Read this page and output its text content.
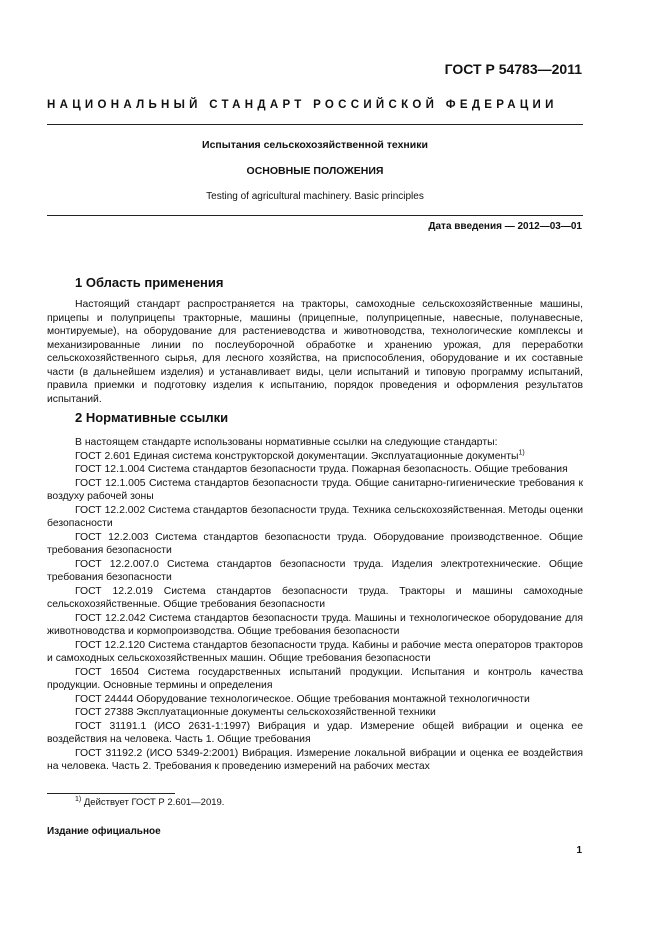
ГОСТ Р 54783—2011
НАЦИОНАЛЬНЫЙ СТАНДАРТ РОССИЙСКОЙ ФЕДЕРАЦИИ
Испытания сельскохозяйственной техники
ОСНОВНЫЕ ПОЛОЖЕНИЯ
Testing of agricultural machinery. Basic principles
Дата введения — 2012—03—01
1 Область применения

Настоящий стандарт распространяется на тракторы, самоходные сельскохозяйственные машины, прицепы и полуприцепы тракторные, машины (прицепные, полуприцепные, навесные, полунавесные, монтируемые), на оборудование для растениеводства и животноводства, технологические комплексы и механизированные линии по послеуборочной обработке и хранению урожая, для переработки сельскохозяйственного сырья, для лесного хозяйства, на приспособления, оборудование и их составные части (в дальнейшем изделия) и устанавливает виды, цели испытаний и типовую программу испытаний, правила приемки и подготовку изделия к испытанию, порядок проведения и оформления результатов испытаний.

2 Нормативные ссылки

В настоящем стандарте использованы нормативные ссылки на следующие стандарты:

ГОСТ 2.601 Единая система конструкторской документации. Эксплуатационные документы$^{1)}$

ГОСТ 12.1.004 Система стандартов безопасности труда. Пожарная безопасность. Общие требования

ГОСТ 12.1.005 Система стандартов безопасности труда. Общие санитарно-гигиенические требования к воздуху рабочей зоны

ГОСТ 12.2.002 Система стандартов безопасности труда. Техника сельскохозяйственная. Методы оценки безопасности

ГОСТ 12.2.003 Система стандартов безопасности труда. Оборудование производственное. Общие требования безопасности

ГОСТ 12.2.007.0 Система стандартов безопасности труда. Изделия электротехнические. Общие требования безопасности

ГОСТ 12.2.019 Система стандартов безопасности труда. Тракторы и машины самоходные сельскохозяйственные. Общие требования безопасности

ГОСТ 12.2.042 Система стандартов безопасности труда. Машины и технологическое оборудование для животноводства и кормопроизводства. Общие требования безопасности

ГОСТ 12.2.120 Система стандартов безопасности труда. Кабины и рабочие места операторов тракторов и самоходных сельскохозяйственных машин. Общие требования безопасности

ГОСТ 16504 Система государственных испытаний продукции. Испытания и контроль качества продукции. Основные термины и определения

ГОСТ 24444 Оборудование технологическое. Общие требования монтажной технологичности

ГОСТ 27388 Эксплуатационные документы сельскохозяйственной техники

ГОСТ 31191.1 (ИСО 2631-1:1997) Вибрация и удар. Измерение общей вибрации и оценка ее воздействия на человека. Часть 1. Общие требования

ГОСТ 31192.2 (ИСО 5349-2:2001) Вибрация. Измерение локальной вибрации и оценка ее воздействия на человека. Часть 2. Требования к проведению измерений на рабочих местах

$^{1)}$ Действует ГОСТ Р 2.601—2019.
Издание официальное
1
